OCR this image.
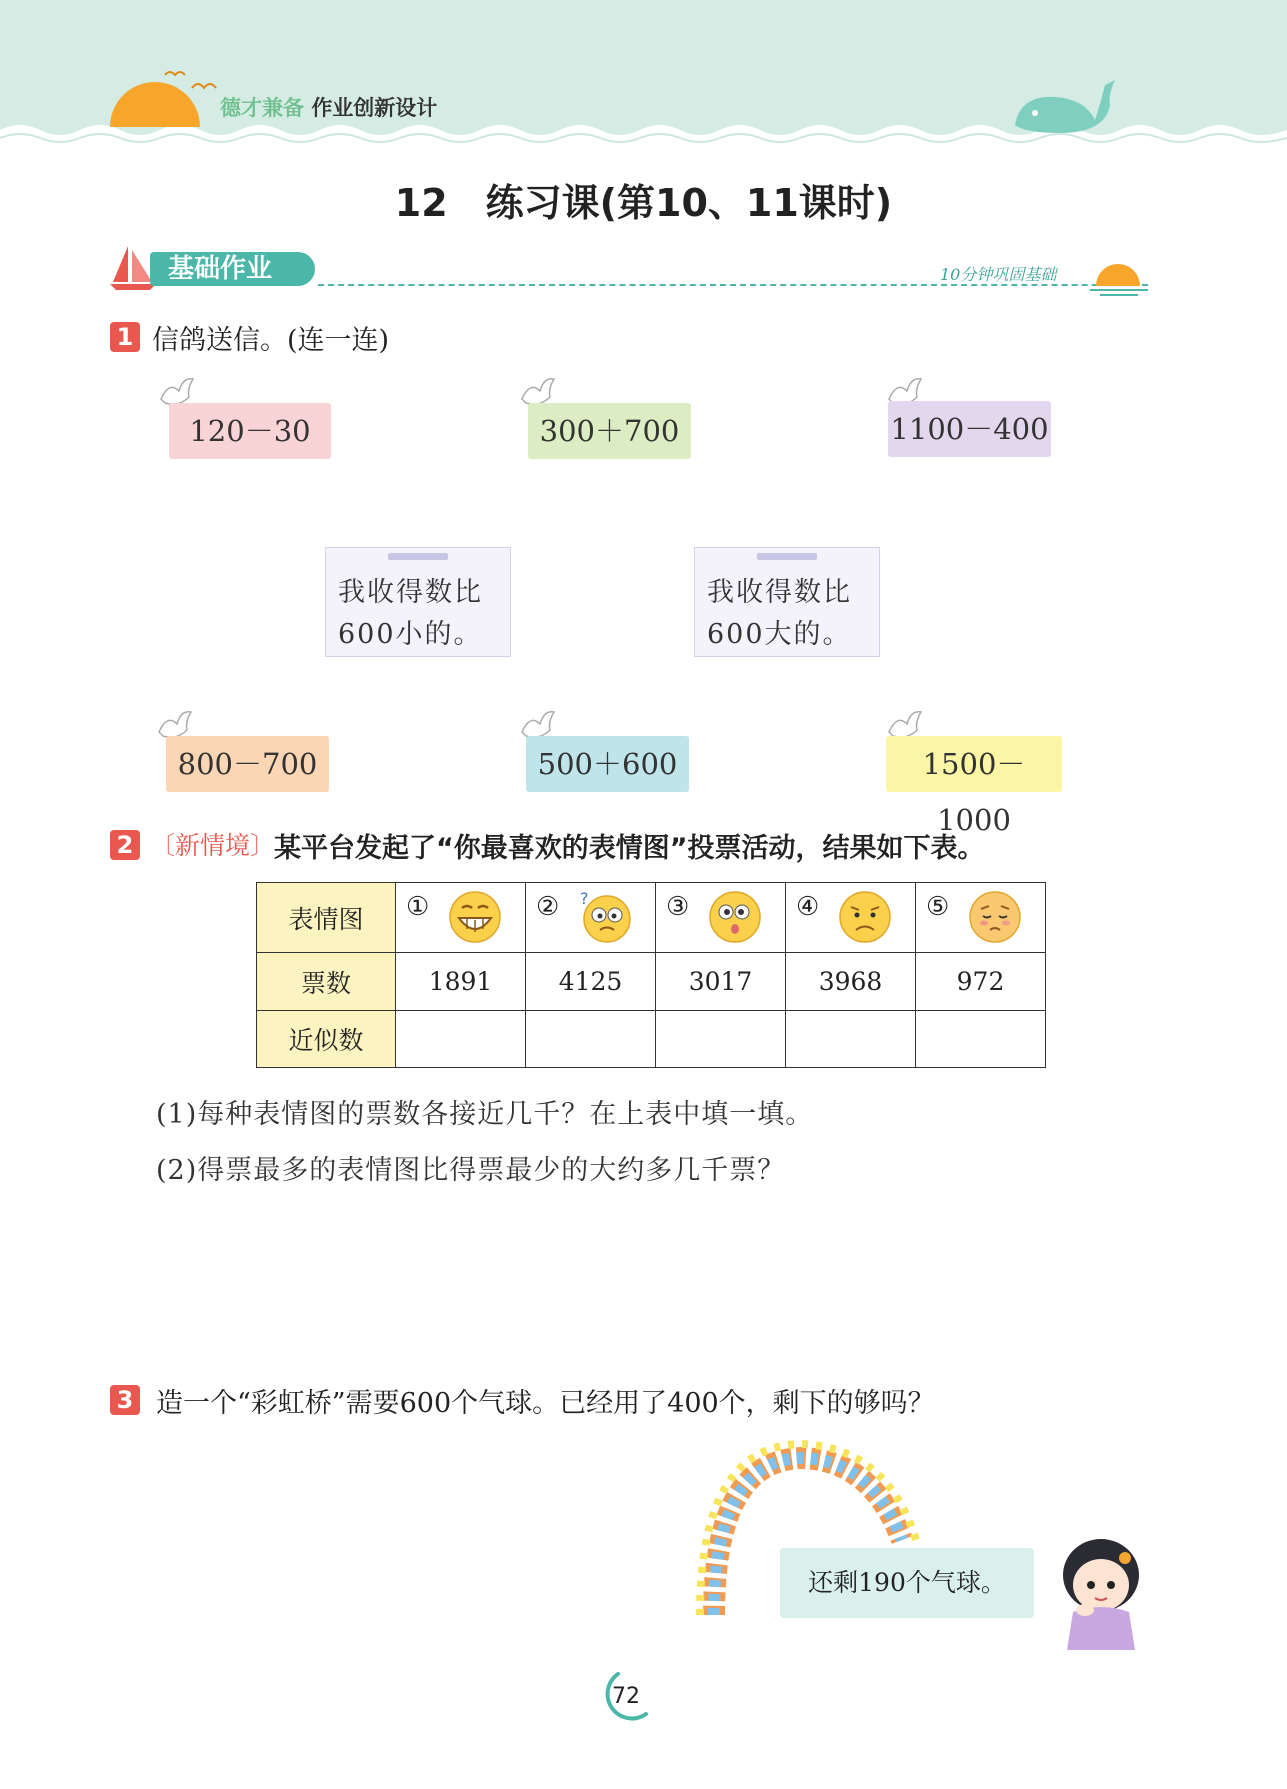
德才兼备 作业创新设计
12　练习课(第10、11课时)
基础作业	10分钟巩固基础
1 信鸽送信。(连一连)
120－30	300＋700	1100－400
800－700	500＋600	1500－1000
我收得数比
600小的。
我收得数比
600大的。
2 〔新情境〕
某平台发起了“你最喜欢的表情图”投票活动，结果如下表。
表情图	①	② ?	③	④	⑤

票数	1891	4125	3017	3968	972
近似数					
(1)每种表情图的票数各接近几千？在上表中填一填。
(2)得票最多的表情图比得票最少的大约多几千票？
3 造一个“彩虹桥”需要600个气球。已经用了400个，剩下的够吗？
还剩190个气球。
72
